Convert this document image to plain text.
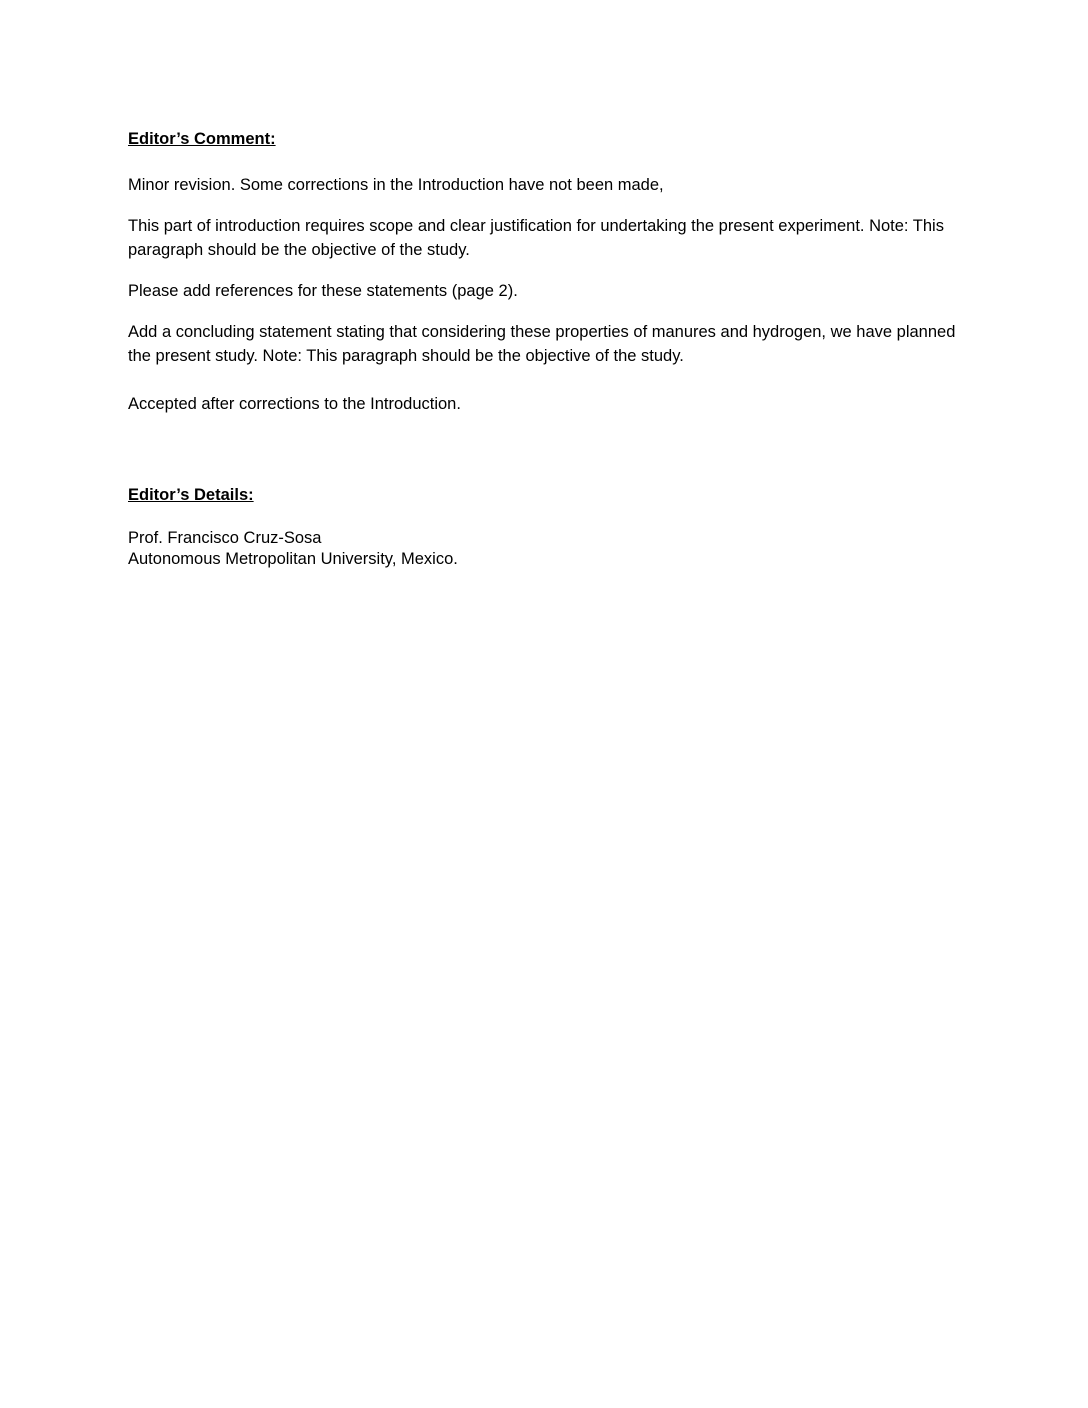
Editor’s Comment:

Minor revision. Some corrections in the Introduction have not been made,

This part of introduction requires scope and clear justification for undertaking the present experiment. Note: This paragraph should be the objective of the study.

Please add references for these statements (page 2).

Add a concluding statement stating that considering these properties of manures and hydrogen, we have planned the present study. Note: This paragraph should be the objective of the study.

Accepted after corrections to the Introduction.

Editor’s Details:

Prof. Francisco Cruz-Sosa

Autonomous Metropolitan University, Mexico.
